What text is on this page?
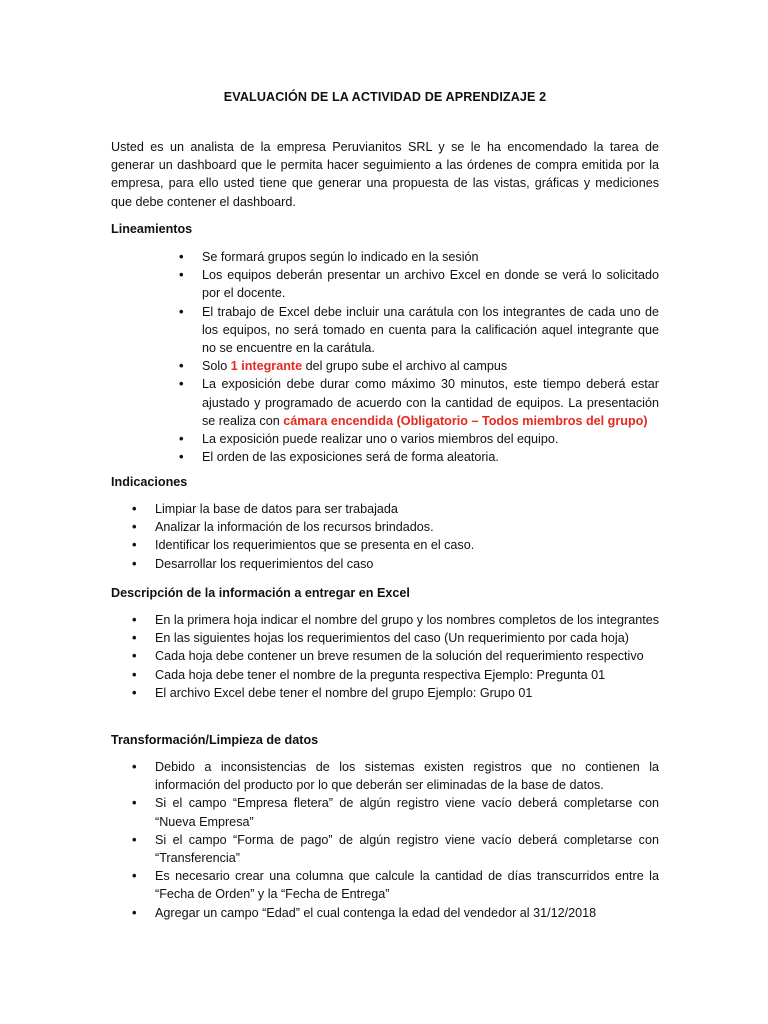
EVALUACIÓN DE LA ACTIVIDAD DE APRENDIZAJE 2

Usted es un analista de la empresa Peruvianitos SRL y se le ha encomendado la tarea de generar un dashboard que le permita hacer seguimiento a las órdenes de compra emitida por la empresa, para ello usted tiene que generar una propuesta de las vistas, gráficas y mediciones que debe contener el dashboard.

Lineamientos
• Se formará grupos según lo indicado en la sesión
• Los equipos deberán presentar un archivo Excel en donde se verá lo solicitado por el docente.
• El trabajo de Excel debe incluir una carátula con los integrantes de cada uno de los equipos, no será tomado en cuenta para la calificación aquel integrante que no se encuentre en la carátula.
• Solo 1 integrante del grupo sube el archivo al campus
• La exposición debe durar como máximo 30 minutos, este tiempo deberá estar ajustado y programado de acuerdo con la cantidad de equipos. La presentación se realiza con cámara encendida (Obligatorio – Todos miembros del grupo)
• La exposición puede realizar uno o varios miembros del equipo.
• El orden de las exposiciones será de forma aleatoria.
Indicaciones
• Limpiar la base de datos para ser trabajada
• Analizar la información de los recursos brindados.
• Identificar los requerimientos que se presenta en el caso.
• Desarrollar los requerimientos del caso
Descripción de la información a entregar en Excel
• En la primera hoja indicar el nombre del grupo y los nombres completos de los integrantes
• En las siguientes hojas los requerimientos del caso (Un requerimiento por cada hoja)
• Cada hoja debe contener un breve resumen de la solución del requerimiento respectivo
• Cada hoja debe tener el nombre de la pregunta respectiva Ejemplo: Pregunta 01
• El archivo Excel debe tener el nombre del grupo Ejemplo: Grupo 01
Transformación/Limpieza de datos
• Debido a inconsistencias de los sistemas existen registros que no contienen la información del producto por lo que deberán ser eliminadas de la base de datos.
• Si el campo “Empresa fletera” de algún registro viene vacío deberá completarse con “Nueva Empresa”
• Si el campo “Forma de pago” de algún registro viene vacío deberá completarse con “Transferencia”
• Es necesario crear una columna que calcule la cantidad de días transcurridos entre la “Fecha de Orden” y la “Fecha de Entrega”
• Agregar un campo “Edad” el cual contenga la edad del vendedor al 31/12/2018
